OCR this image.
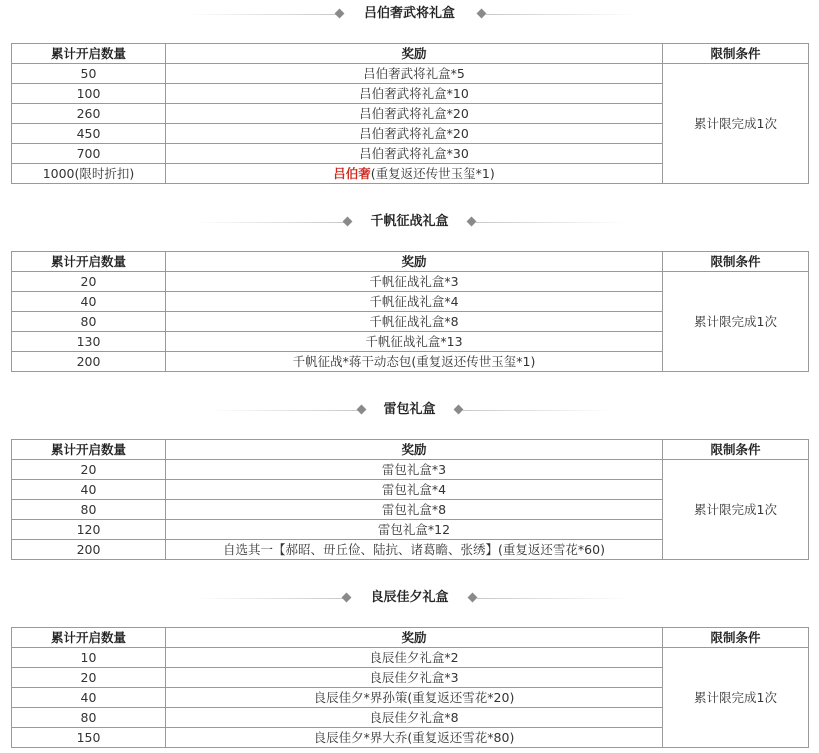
吕伯奢武将礼盒
累计开启数量	奖励	限制条件
50	吕伯奢武将礼盒*5	累计限完成1次
100	吕伯奢武将礼盒*10	
260	吕伯奢武将礼盒*20	
450	吕伯奢武将礼盒*20	
700	吕伯奢武将礼盒*30	
1000(限时折扣)	吕伯奢(重复返还传世玉玺*1)	
千帆征战礼盒
累计开启数量	奖励	限制条件
20	千帆征战礼盒*3	累计限完成1次
40	千帆征战礼盒*4	
80	千帆征战礼盒*8	
130	千帆征战礼盒*13	
200	千帆征战*蒋干动态包(重复返还传世玉玺*1)	
雷包礼盒
累计开启数量	奖励	限制条件
20	雷包礼盒*3	累计限完成1次
40	雷包礼盒*4	
80	雷包礼盒*8	
120	雷包礼盒*12	
200	自选其一【郝昭、毌丘俭、陆抗、诸葛瞻、张绣】(重复返还雪花*60)	
良辰佳夕礼盒
累计开启数量	奖励	限制条件
10	良辰佳夕礼盒*2	累计限完成1次
20	良辰佳夕礼盒*3	
40	良辰佳夕*界孙策(重复返还雪花*20)	
80	良辰佳夕礼盒*8	
150	良辰佳夕*界大乔(重复返还雪花*80)	
